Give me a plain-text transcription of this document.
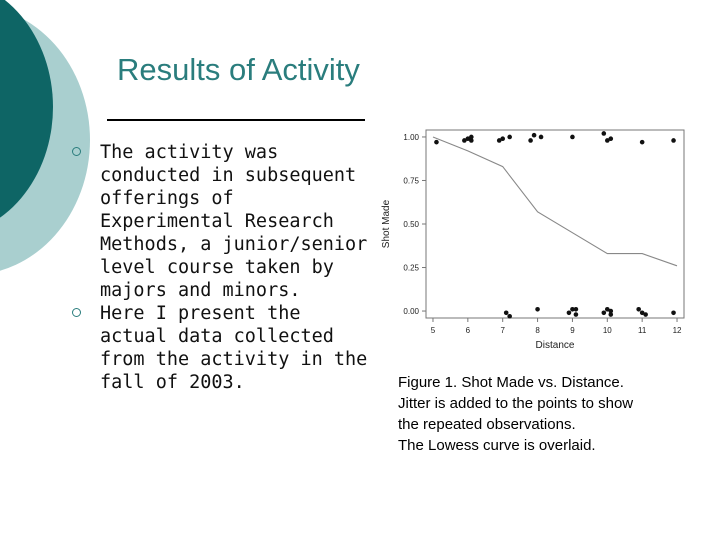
Results of Activity
The activity was conducted in subsequent offerings of Experimental Research Methods, a junior/senior level course taken by majors and minors.
Here I present the actual data collected from the activity in the fall of 2003.
5	6	7	8	9	10	11	12
0.00
0.25
0.50
0.75
1.00
Distance
Shot Made
Figure 1. Shot Made vs. Distance.
Jitter is added to the points to show
the repeated observations.
The Lowess curve is overlaid.
